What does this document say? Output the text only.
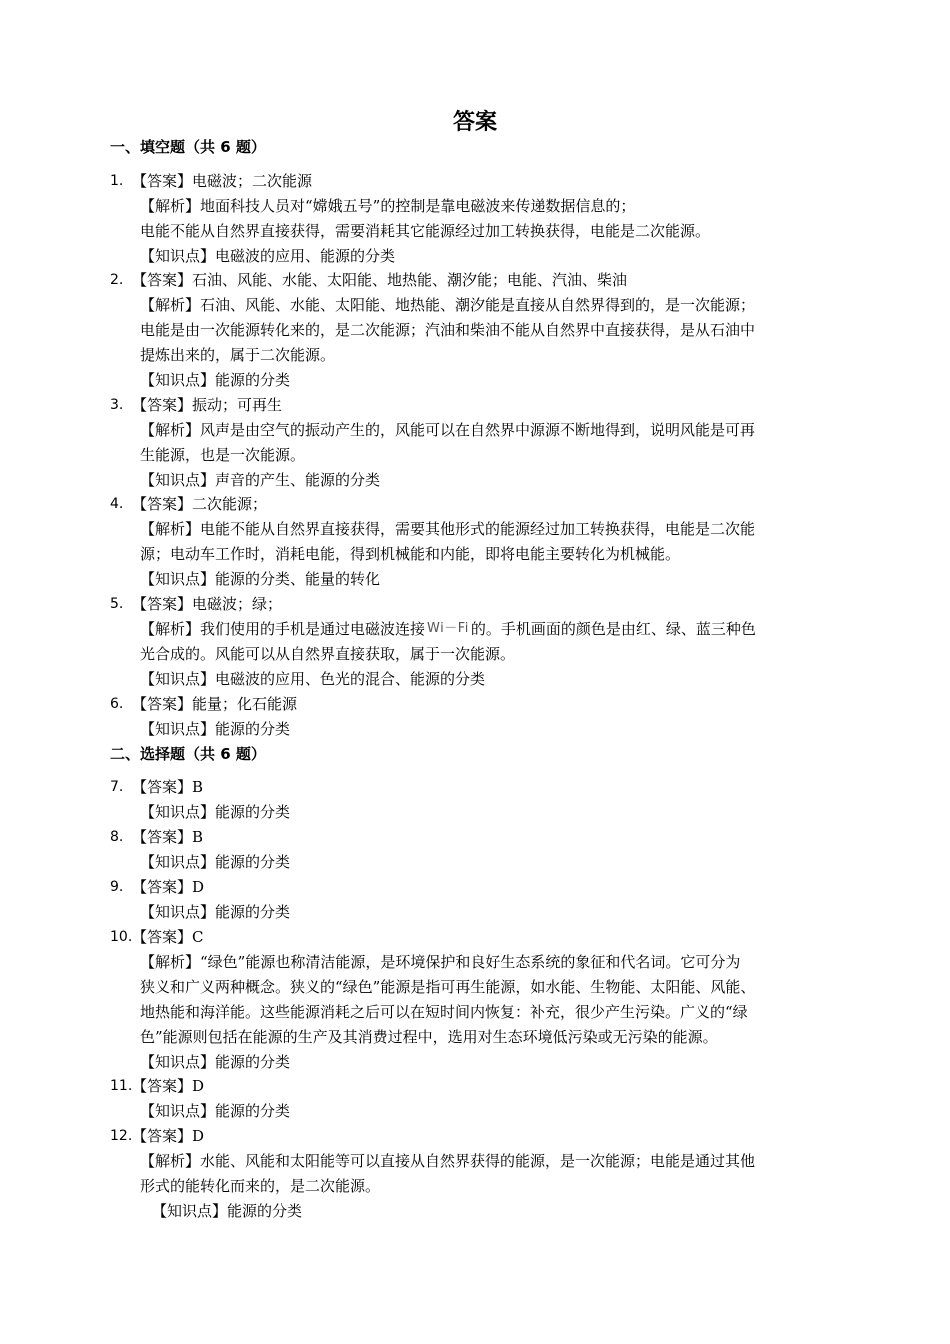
答案
一、填空题（共 6 题）
二、选择题（共 6 题）
1. 【答案】电磁波；二次能源
【解析】地面科技人员对“嫦娥五号”的控制是靠电磁波来传递数据信息的；
电能不能从自然界直接获得，需要消耗其它能源经过加工转换获得，电能是二次能源。
【知识点】电磁波的应用、能源的分类
2. 【答案】石油、风能、水能、太阳能、地热能、潮汐能；电能、汽油、柴油
【解析】石油、风能、水能、太阳能、地热能、潮汐能是直接从自然界得到的，是一次能源；
电能是由一次能源转化来的，是二次能源；汽油和柴油不能从自然界中直接获得，是从石油中
提炼出来的，属于二次能源。
【知识点】能源的分类
3. 【答案】振动；可再生
【解析】风声是由空气的振动产生的，风能可以在自然界中源源不断地得到，说明风能是可再
生能源，也是一次能源。
【知识点】声音的产生、能源的分类
4. 【答案】二次能源；
【解析】电能不能从自然界直接获得，需要其他形式的能源经过加工转换获得，电能是二次能
源；电动车工作时，消耗电能，得到机械能和内能，即将电能主要转化为机械能。
【知识点】能源的分类、能量的转化
5. 【答案】电磁波；绿；
【解析】我们使用的手机是通过电磁波连接 Wi－Fi 的。手机画面的颜色是由红、绿、蓝三种色
光合成的。风能可以从自然界直接获取，属于一次能源。
【知识点】电磁波的应用、色光的混合、能源的分类
6. 【答案】能量；化石能源
【知识点】能源的分类
7. 【答案】B
【知识点】能源的分类
8. 【答案】B
【知识点】能源的分类
9. 【答案】D
【知识点】能源的分类
10. 【答案】C
【解析】“绿色”能源也称清洁能源，是环境保护和良好生态系统的象征和代名词。它可分为
狭义和广义两种概念。狭义的“绿色”能源是指可再生能源，如水能、生物能、太阳能、风能、
地热能和海洋能。这些能源消耗之后可以在短时间内恢复：补充，很少产生污染。广义的“绿
色”能源则包括在能源的生产及其消费过程中，选用对生态环境低污染或无污染的能源。
【知识点】能源的分类
11. 【答案】D
【知识点】能源的分类
12. 【答案】D
【解析】水能、风能和太阳能等可以直接从自然界获得的能源，是一次能源；电能是通过其他
形式的能转化而来的，是二次能源。
【知识点】能源的分类
